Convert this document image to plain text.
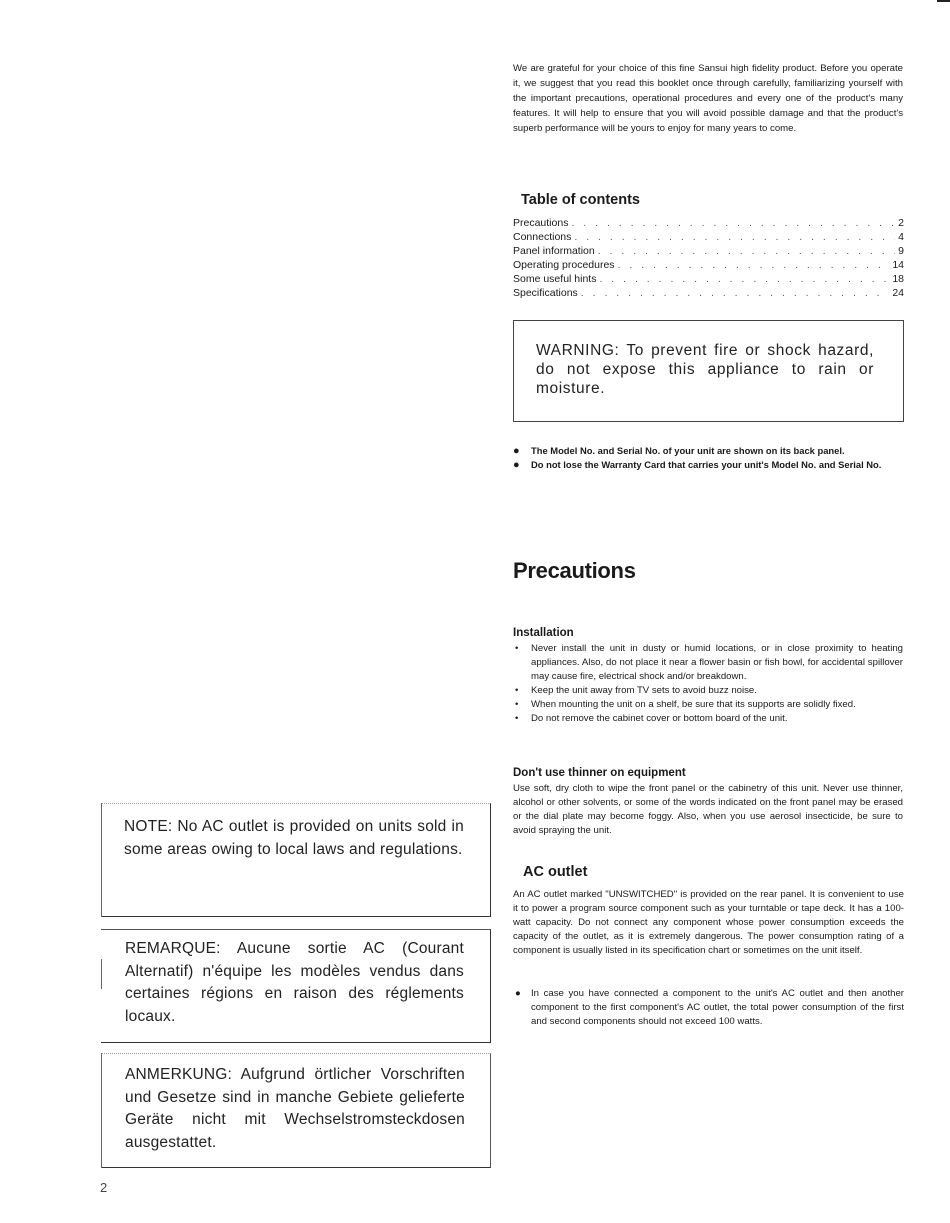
We are grateful for your choice of this fine Sansui high fidelity product. Before you operate it, we suggest that you read this booklet once through carefully, familiarizing yourself with the important precautions, operational procedures and every one of the product's many features. It will help to ensure that you will avoid possible damage and that the product's superb performance will be yours to enjoy for many years to come.
Table of contents
Precautions . . .	2
Connections . . .	4
Panel information . . .	9
Operating procedures . . .	14
Some useful hints . . .	18
Specifications . . .	24
WARNING: To prevent fire or shock hazard, do not expose this appliance to rain or moisture.
● The Model No. and Serial No. of your unit are shown on its back panel.
● Do not lose the Warranty Card that carries your unit's Model No. and Serial No.
Precautions
Installation
• Never install the unit in dusty or humid locations, or in close proximity to heating appliances. Also, do not place it near a flower basin or fish bowl, for accidental spillover may cause fire, electrical shock and/or breakdown.
• Keep the unit away from TV sets to avoid buzz noise.
• When mounting the unit on a shelf, be sure that its supports are solidly fixed.
• Do not remove the cabinet cover or bottom board of the unit.
Don't use thinner on equipment
Use soft, dry cloth to wipe the front panel or the cabinetry of this unit. Never use thinner, alcohol or other solvents, or some of the words indicated on the front panel may be erased or the dial plate may become foggy. Also, when you use aerosol insecticide, be sure to avoid spraying the unit.
AC outlet
An AC outlet marked "UNSWITCHED" is provided on the rear panel. It is convenient to use it to power a program source component such as your turntable or tape deck. It has a 100-watt capacity. Do not connect any component whose power consumption exceeds the capacity of the outlet, as it is extremely dangerous. The power consumption rating of a component is usually listed in its specification chart or sometimes on the unit itself.
● In case you have connected a component to the unit's AC outlet and then another component to the first component's AC outlet, the total power consumption of the first and second components should not exceed 100 watts.
NOTE: No AC outlet is provided on units sold in some areas owing to local laws and regulations.
REMARQUE: Aucune sortie AC (Courant Alternatif) n'équipe les modèles vendus dans certaines régions en raison des réglements locaux.
ANMERKUNG: Aufgrund örtlicher Vorschriften und Gesetze sind in manche Gebiete gelieferte Geräte nicht mit Wechselstromsteckdosen ausgestattet.
2
